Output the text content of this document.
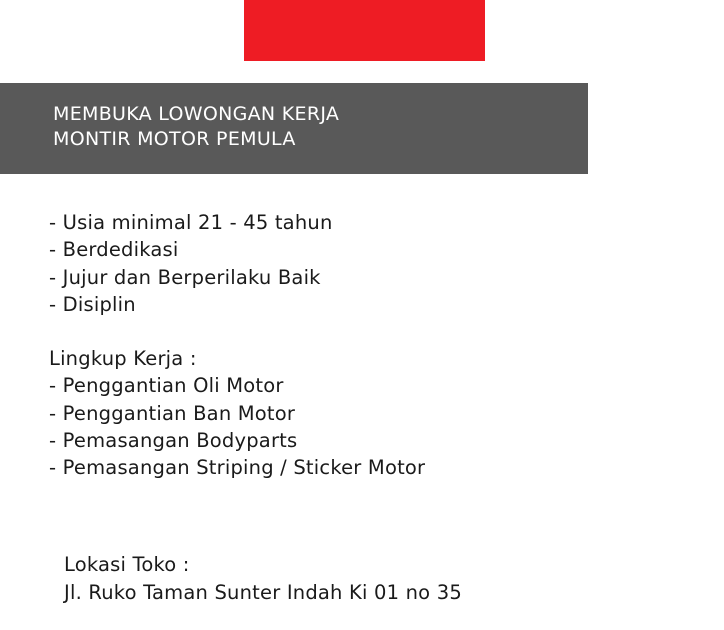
MEMBUKA LOWONGAN KERJA
MONTIR MOTOR PEMULA
- Usia minimal 21 - 45 tahun
- Berdedikasi
- Jujur dan Berperilaku Baik
- Disiplin
Lingkup Kerja :
- Penggantian Oli Motor
- Penggantian Ban Motor
- Pemasangan Bodyparts
- Pemasangan Striping / Sticker Motor
Lokasi Toko :
Jl. Ruko Taman Sunter Indah Ki 01 no 35
